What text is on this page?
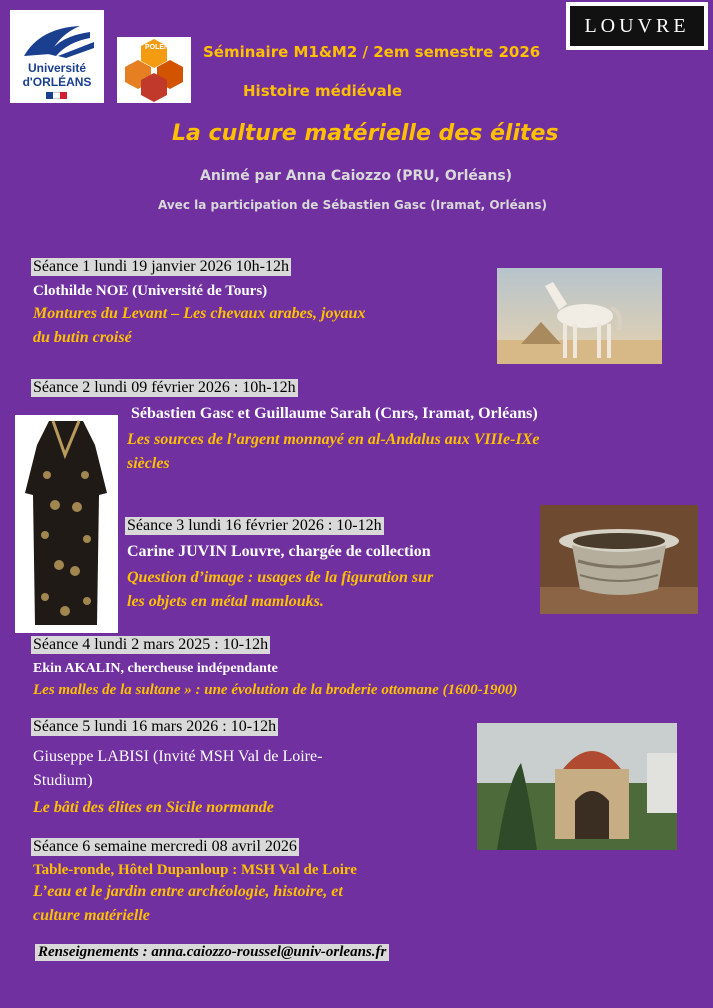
Université
d'ORLÉANS
POLEN
LOUVRE
Séminaire M1&M2 / 2em semestre 2026
Histoire médiévale
La culture matérielle des élites
Animé par Anna Caiozzo (PRU, Orléans)
Avec la participation de Sébastien Gasc (Iramat, Orléans)
Séance 1 lundi 19 janvier 2026 10h-12h
Clothilde NOE (Université de Tours)
Montures du Levant – Les chevaux arabes, joyaux
du butin croisé
Séance 2 lundi 09 février 2026 : 10h-12h
Sébastien Gasc et Guillaume Sarah (Cnrs, Iramat, Orléans)
Les sources de l’argent monnayé en al-Andalus aux VIIIe-IXe
siècles
Séance 3 lundi 16 février 2026 : 10-12h
Carine JUVIN Louvre, chargée de collection
Question d’image : usages de la figuration sur
les objets en métal mamlouks.
Séance 4 lundi 2 mars 2025 : 10-12h
Ekin AKALIN, chercheuse indépendante
Les malles de la sultane » : une évolution de la broderie ottomane (1600-1900)
Séance 5 lundi 16 mars 2026 : 10-12h
Giuseppe LABISI (Invité MSH Val de Loire-
Studium)
Le bâti des élites en Sicile normande
Séance 6 semaine mercredi 08 avril 2026
Table-ronde, Hôtel Dupanloup : MSH Val de Loire
L’eau et le jardin entre archéologie, histoire, et
culture matérielle
Renseignements : anna.caiozzo-roussel@univ-orleans.fr
